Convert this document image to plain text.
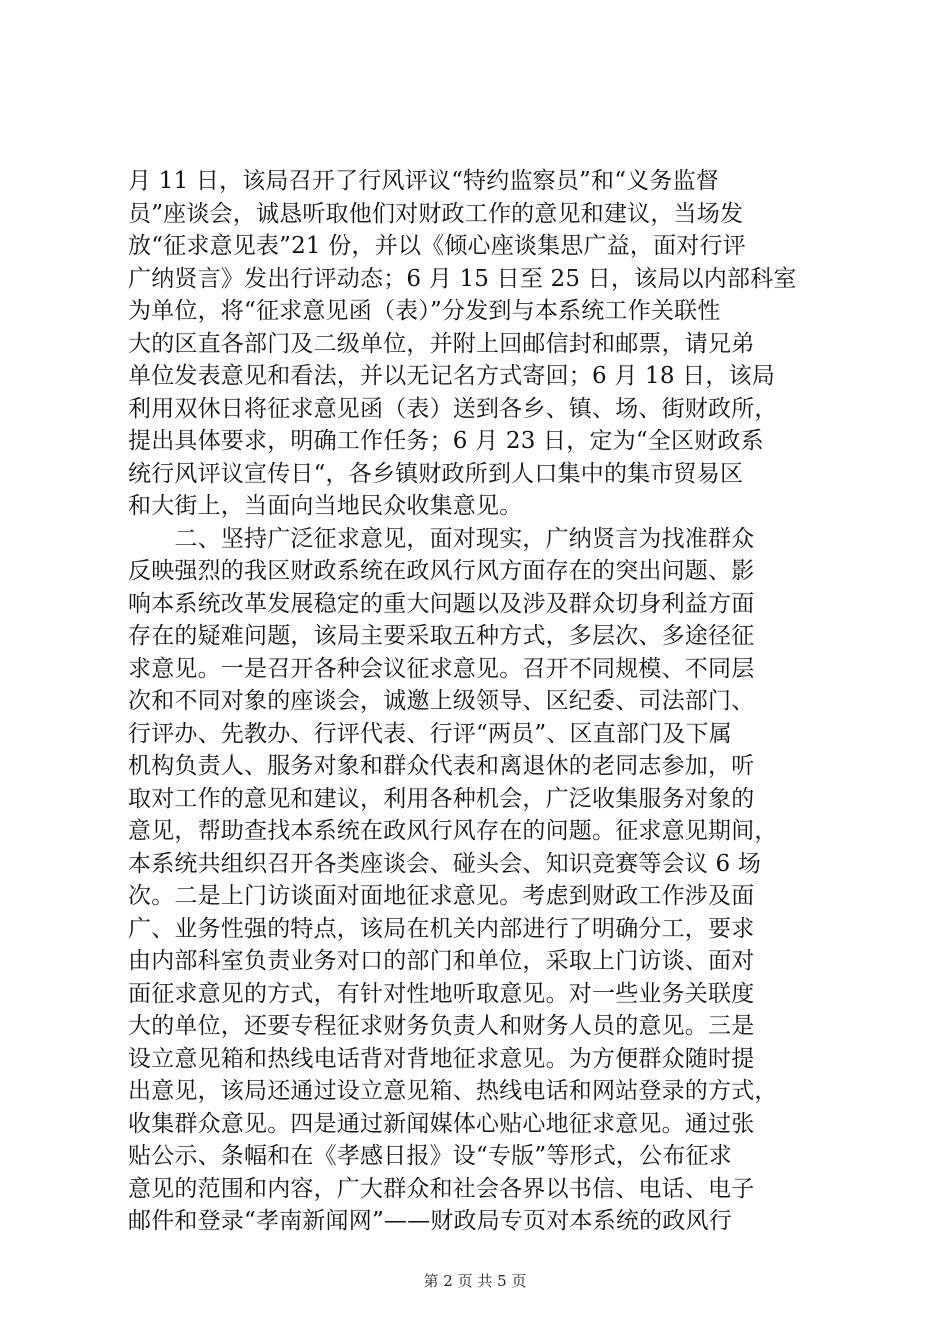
月 11 日，该局召开了行风评议“特约监察员”和“义务监督
员”座谈会，诚恳听取他们对财政工作的意见和建议，当场发
放“征求意见表”21 份，并以《倾心座谈集思广益，面对行评
广纳贤言》发出行评动态；6 月 15 日至 25 日，该局以内部科室
为单位，将“征求意见函（表）”分发到与本系统工作关联性
大的区直各部门及二级单位，并附上回邮信封和邮票，请兄弟
单位发表意见和看法，并以无记名方式寄回；6 月 18 日，该局
利用双休日将征求意见函（表）送到各乡、镇、场、街财政所，
提出具体要求，明确工作任务；6 月 23 日，定为“全区财政系
统行风评议宣传日“，各乡镇财政所到人口集中的集市贸易区
和大街上，当面向当地民众收集意见。
　　二、坚持广泛征求意见，面对现实，广纳贤言为找准群众
反映强烈的我区财政系统在政风行风方面存在的突出问题、影
响本系统改革发展稳定的重大问题以及涉及群众切身利益方面
存在的疑难问题，该局主要采取五种方式，多层次、多途径征
求意见。一是召开各种会议征求意见。召开不同规模、不同层
次和不同对象的座谈会，诚邀上级领导、区纪委、司法部门、
行评办、先教办、行评代表、行评“两员”、区直部门及下属
机构负责人、服务对象和群众代表和离退休的老同志参加，听
取对工作的意见和建议，利用各种机会，广泛收集服务对象的
意见，帮助查找本系统在政风行风存在的问题。征求意见期间，
本系统共组织召开各类座谈会、碰头会、知识竞赛等会议 6 场
次。二是上门访谈面对面地征求意见。考虑到财政工作涉及面
广、业务性强的特点，该局在机关内部进行了明确分工，要求
由内部科室负责业务对口的部门和单位，采取上门访谈、面对
面征求意见的方式，有针对性地听取意见。对一些业务关联度
大的单位，还要专程征求财务负责人和财务人员的意见。三是
设立意见箱和热线电话背对背地征求意见。为方便群众随时提
出意见，该局还通过设立意见箱、热线电话和网站登录的方式，
收集群众意见。四是通过新闻媒体心贴心地征求意见。通过张
贴公示、条幅和在《孝感日报》设“专版”等形式，公布征求
意见的范围和内容，广大群众和社会各界以书信、电话、电子
邮件和登录“孝南新闻网”——财政局专页对本系统的政风行
第 2 页 共 5 页
